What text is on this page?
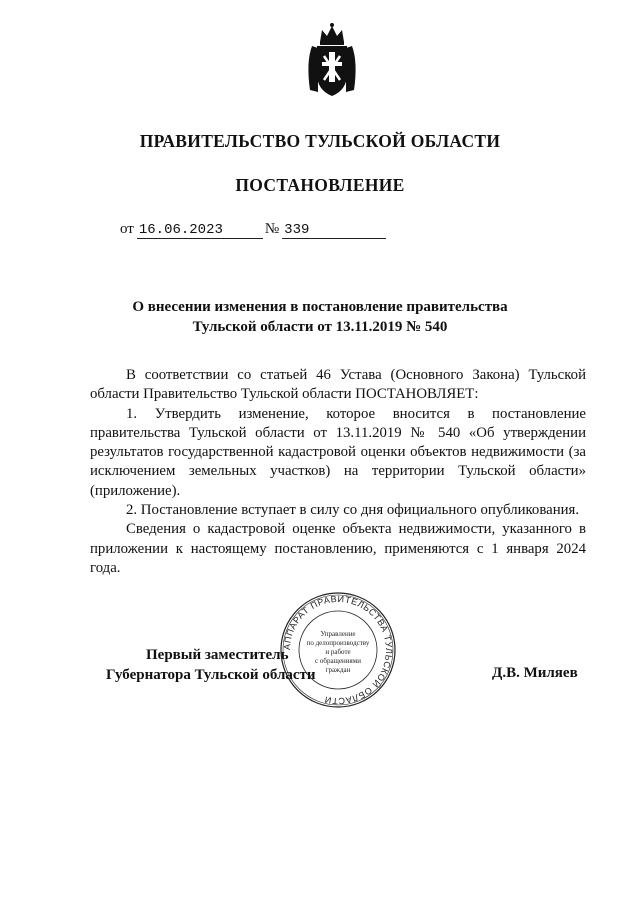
ПРАВИТЕЛЬСТВО ТУЛЬСКОЙ ОБЛАСТИ
ПОСТАНОВЛЕНИЕ
от 16.06.2023	№ 339
О внесении изменения в постановление правительства
Тульской области от 13.11.2019 № 540

В соответствии со статьей 46 Устава (Основного Закона) Тульской области Правительство Тульской области ПОСТАНОВЛЯЕТ:

1. Утвердить изменение, которое вносится в постановление правительства Тульской области от 13.11.2019 № 540 «Об утверждении результатов государственной кадастровой оценки объектов недвижимости (за исключением земельных участков) на территории Тульской области» (приложение).

2. Постановление вступает в силу со дня официального опубликования.

Сведения о кадастровой оценке объекта недвижимости, указанного в приложении к настоящему постановлению, применяются с 1 января 2024 года.

Первый заместитель
Губернатора Тульской области	Д.В. Миляев
АППАРАТ ПРАВИТЕЛЬСТВА ТУЛЬСКОЙ ОБЛАСТИ
Управление
по делопроизводству
и работе
с обращениями
граждан
